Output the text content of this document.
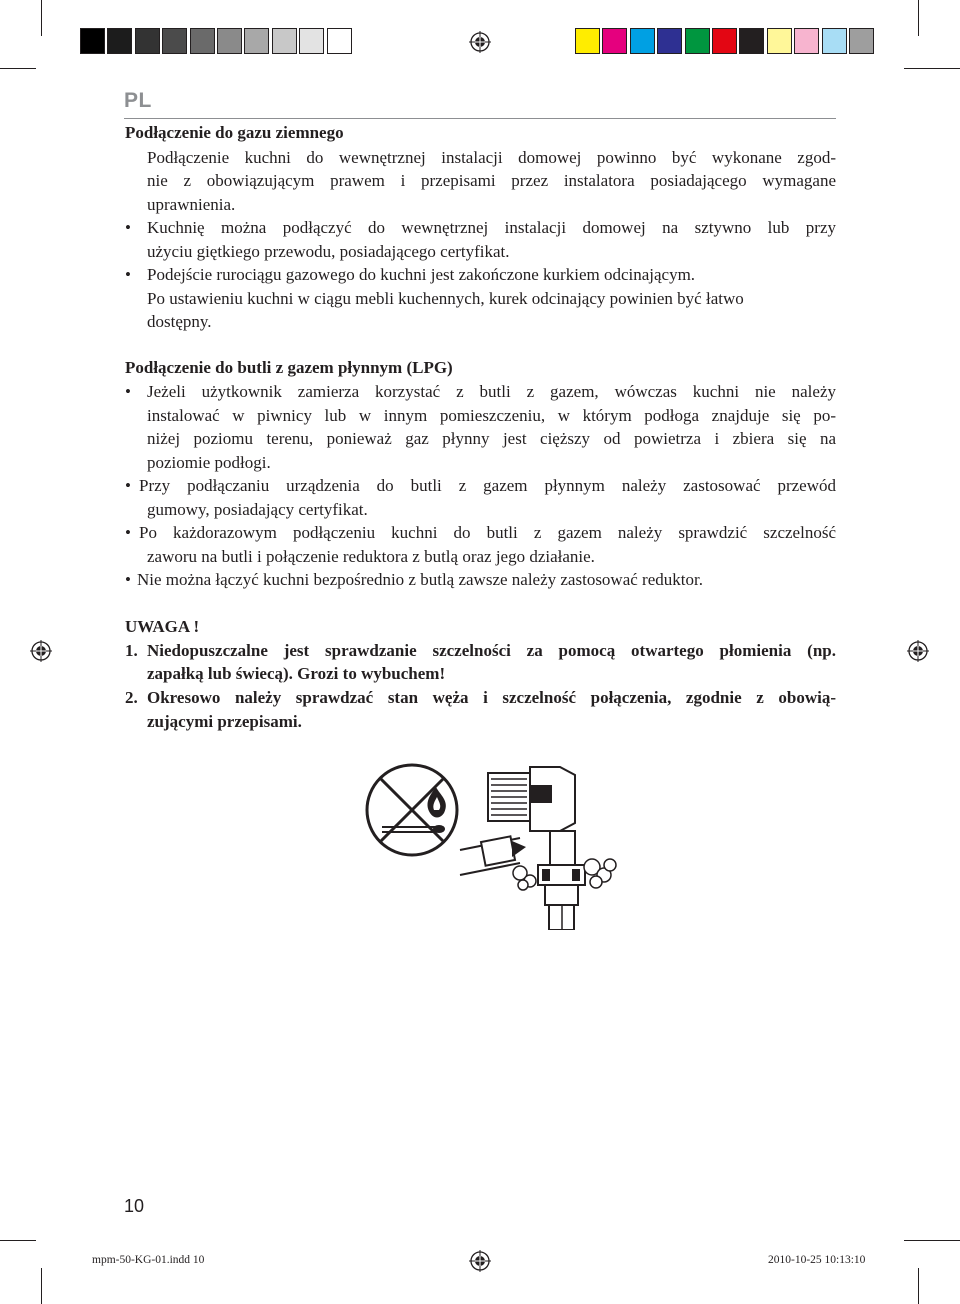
PL
Podłączenie do gazu ziemnego
Podłączenie kuchni do wewnętrznej instalacji domowej powinno być wykonane zgod-
nie z obowiązującym prawem i przepisami przez instalatora posiadającego wymagane
uprawnienia.
• Kuchnię można podłączyć do wewnętrznej instalacji domowej na sztywno lub przy
użyciu giętkiego przewodu, posiadającego certyfikat.
• Podejście rurociągu gazowego do kuchni jest zakończone kurkiem odcinającym.
Po ustawieniu kuchni w ciągu mebli kuchennych, kurek odcinający powinien być łatwo
dostępny.
Podłączenie do butli z gazem płynnym (LPG)
• Jeżeli użytkownik zamierza korzystać z butli z gazem, wówczas kuchni nie należy
instalować w piwnicy lub w innym pomieszczeniu, w którym podłoga znajduje się po-
niżej poziomu terenu, ponieważ gaz płynny jest cięższy od powietrza i zbiera się na
poziomie podłogi.
• Przy podłączaniu urządzenia do butli z gazem płynnym należy zastosować przewód
gumowy, posiadający certyfikat.
• Po każdorazowym podłączeniu kuchni do butli z gazem należy sprawdzić szczelność
zaworu na butli i połączenie reduktora z butlą oraz jego działanie.
• Nie można łączyć kuchni bezpośrednio z butlą zawsze należy zastosować reduktor.
UWAGA !
1. Niedopuszczalne jest sprawdzanie szczelności za pomocą otwartego płomienia (np.
zapałką lub świecą). Grozi to wybuchem!
2. Okresowo należy sprawdzać stan węża i szczelność połączenia, zgodnie z obowią-
zującymi przepisami.
10
mpm-50-KG-01.indd 10	2010-10-25 10:13:10
